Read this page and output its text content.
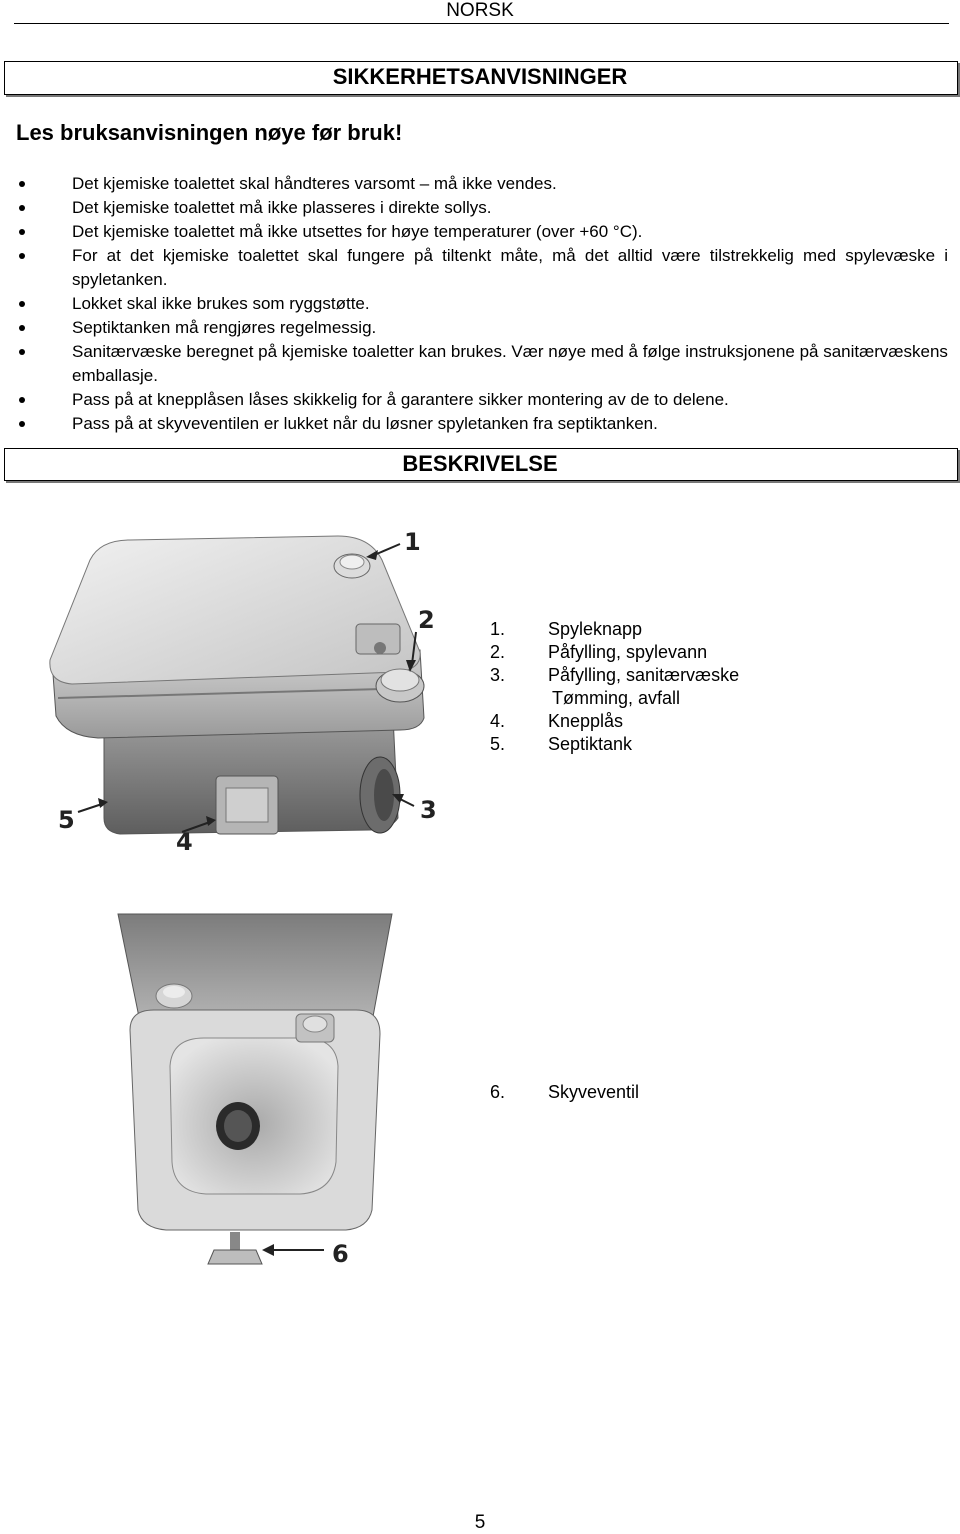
NORSK
SIKKERHETSANVISNINGER
Les bruksanvisningen nøye før bruk!
Det kjemiske toalettet skal håndteres varsomt – må ikke vendes.
Det kjemiske toalettet må ikke plasseres i direkte sollys.
Det kjemiske toalettet må ikke utsettes for høye temperaturer (over +60 °C).
For at det kjemiske toalettet skal fungere på tiltenkt måte, må det alltid være tilstrekkelig med spylevæske i spyletanken.
Lokket skal ikke brukes som ryggstøtte.
Septiktanken må rengjøres regelmessig.
Sanitærvæske beregnet på kjemiske toaletter kan brukes. Vær nøye med å følge instruksjonene på sanitærvæskens emballasje.
Pass på at knepplåsen låses skikkelig for å garantere sikker montering av de to delene.
Pass på at skyveventilen er lukket når du løsner spyletanken fra septiktanken.
BESKRIVELSE
1
2
3
4
5
1. Spyleknapp
2. Påfylling, spylevann
3. Påfylling, sanitærvæske
Tømming, avfall
4. Knepplås
5. Septiktank
6
6. Skyveventil
5
